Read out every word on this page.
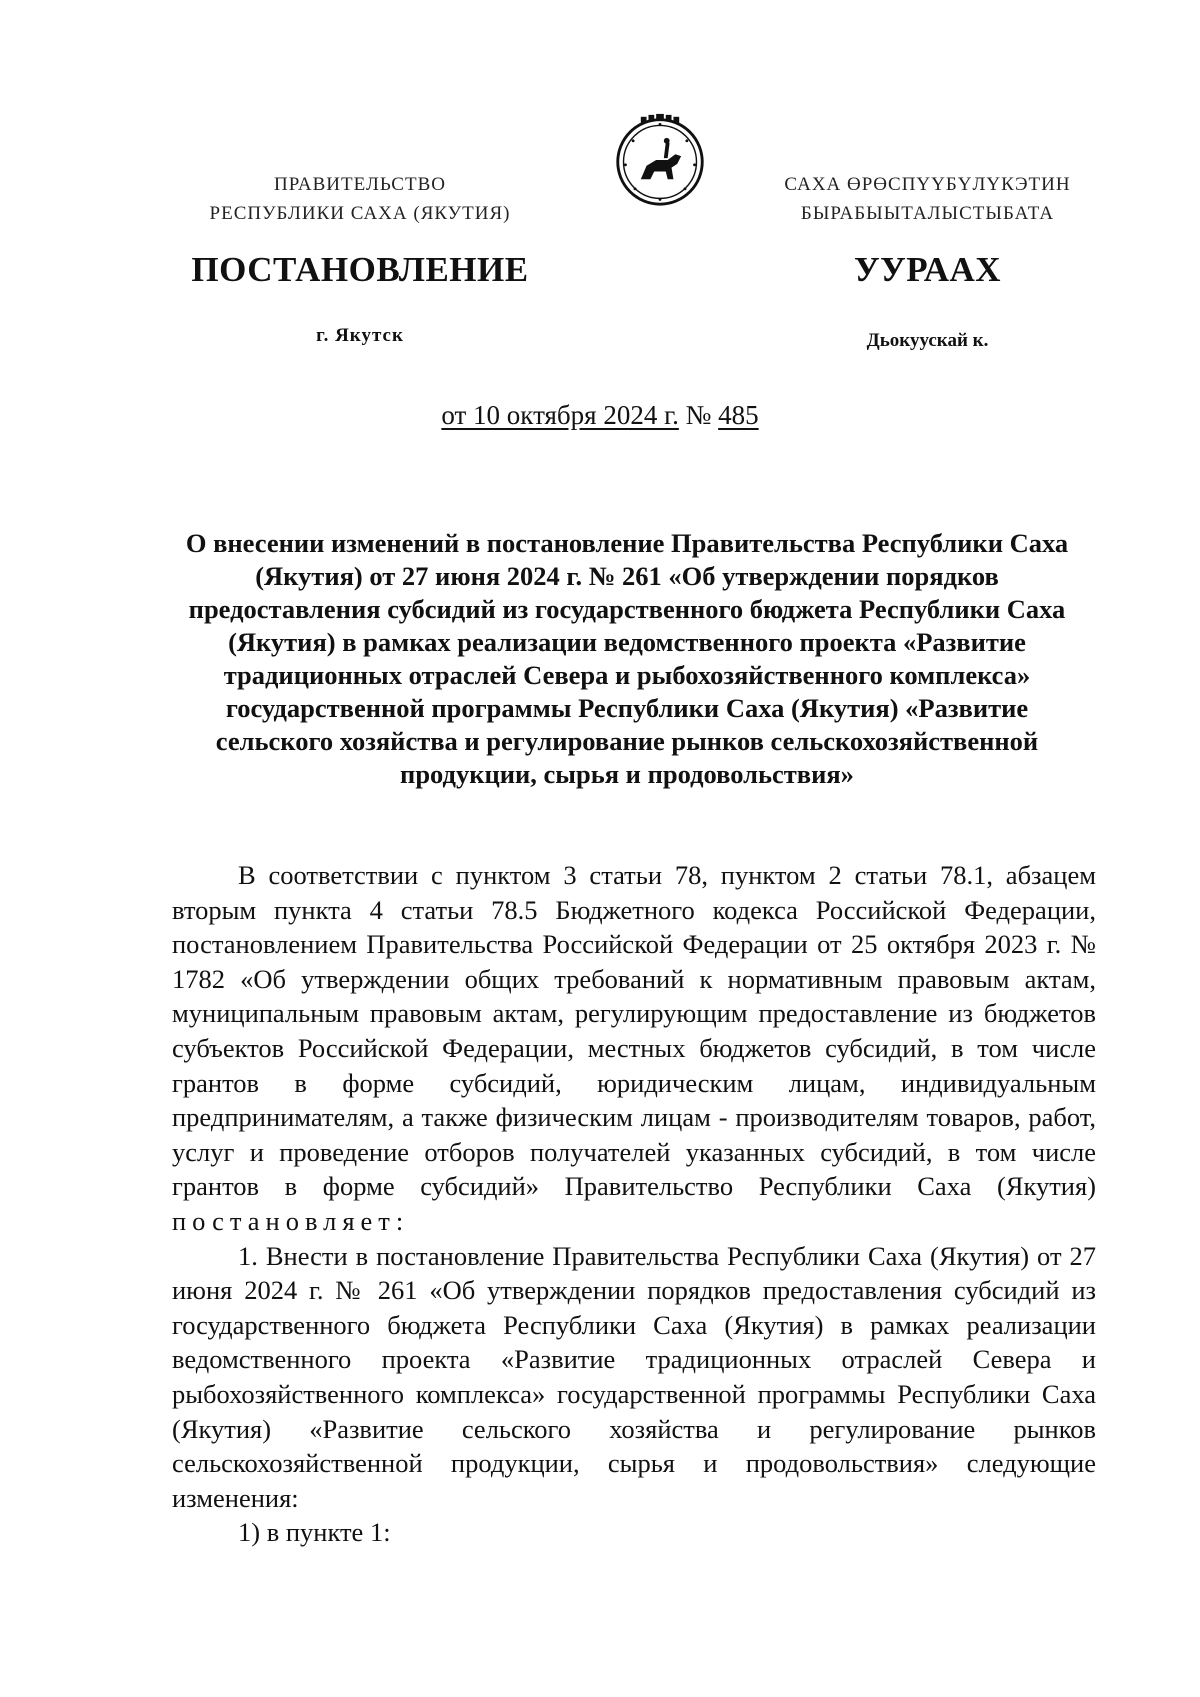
ПРАВИТЕЛЬСТВО
РЕСПУБЛИКИ САХА (ЯКУТИЯ)
САХА ӨРӨСПҮҮБҮЛҮКЭТИН
БЫРАБЫЫТАЛЫСТЫБАТА
ПОСТАНОВЛЕНИЕ	УУРААХ
г. Якутск	Дьокуускай к.
от 10 октября 2024 г. № 485
О внесении изменений в постановление Правительства Республики Саха (Якутия) от 27 июня 2024 г. № 261 «Об утверждении порядков предоставления субсидий из государственного бюджета Республики Саха (Якутия) в рамках реализации ведомственного проекта «Развитие традиционных отраслей Севера и рыбохозяйственного комплекса» государственной программы Республики Саха (Якутия) «Развитие сельского хозяйства и регулирование рынков сельскохозяйственной продукции, сырья и продовольствия»

В соответствии с пунктом 3 статьи 78, пунктом 2 статьи 78.1, абзацем вторым пункта 4 статьи 78.5 Бюджетного кодекса Российской Федерации, постановлением Правительства Российской Федерации от 25 октября 2023 г. № 1782 «Об утверждении общих требований к нормативным правовым актам, муниципальным правовым актам, регулирующим предоставление из бюджетов субъектов Российской Федерации, местных бюджетов субсидий, в том числе грантов в форме субсидий, юридическим лицам, индивидуальным предпринимателям, а также физическим лицам - производителям товаров, работ, услуг и проведение отборов получателей указанных субсидий, в том числе грантов в форме субсидий» Правительство Республики Саха (Якутия) постановляет:

1. Внести в постановление Правительства Республики Саха (Якутия) от 27 июня 2024 г. № 261 «Об утверждении порядков предоставления субсидий из государственного бюджета Республики Саха (Якутия) в рамках реализации ведомственного проекта «Развитие традиционных отраслей Севера и рыбохозяйственного комплекса» государственной программы Республики Саха (Якутия) «Развитие сельского хозяйства и регулирование рынков сельскохозяйственной продукции, сырья и продовольствия» следующие изменения:

1) в пункте 1:
